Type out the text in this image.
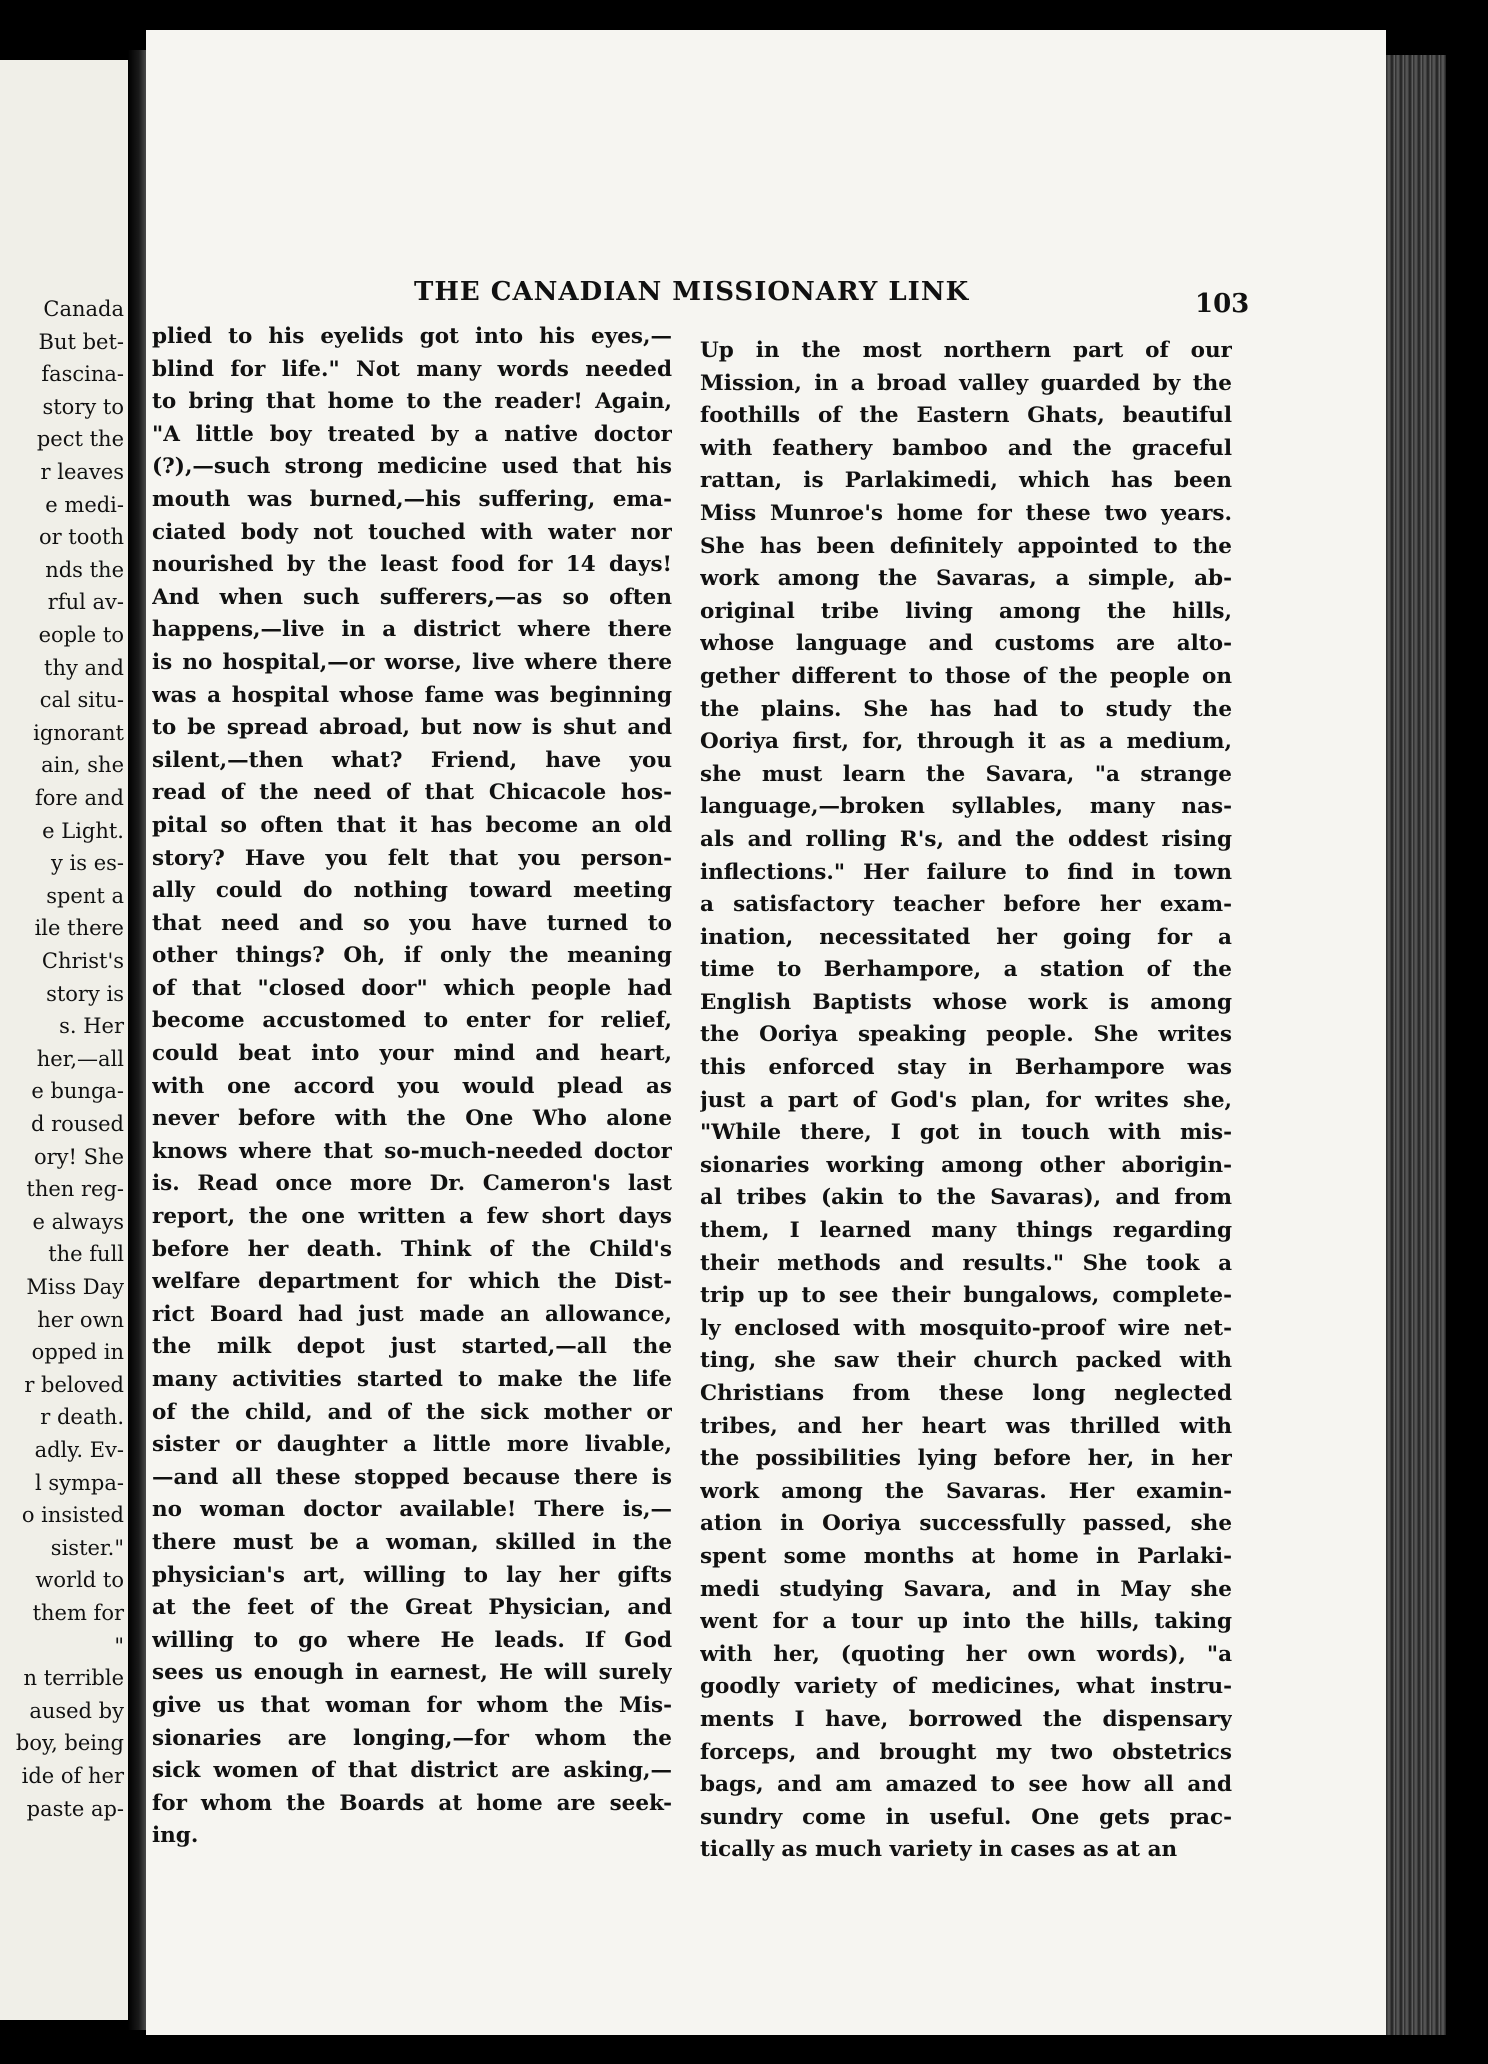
Canada
But bet-
fascina-
story to
pect the
r leaves
e medi-
or tooth
nds the
rful av-
eople to
thy and
cal situ-
ignorant
ain, she
fore and
e Light.
y is es-
spent a
ile there
Christ's
story is
s. Her
her,—all
e bunga-
d roused
ory! She
then reg-
e always
the full
Miss Day
her own
opped in
r beloved
r death.
adly. Ev-
l sympa-
o insisted
sister."
world to
them for
"
n terrible
aused by
boy, being
ide of her
paste ap-
THE CANADIAN MISSIONARY LINK	103
plied to his eyelids got into his eyes,—
blind for life." Not many words needed
to bring that home to the reader! Again,
"A little boy treated by a native doctor
(?),—such strong medicine used that his
mouth was burned,—his suffering, ema-
ciated body not touched with water nor
nourished by the least food for 14 days!
And when such sufferers,—as so often
happens,—live in a district where there
is no hospital,—or worse, live where there
was a hospital whose fame was beginning
to be spread abroad, but now is shut and
silent,—then what? Friend, have you
read of the need of that Chicacole hos-
pital so often that it has become an old
story? Have you felt that you person-
ally could do nothing toward meeting
that need and so you have turned to
other things? Oh, if only the meaning
of that "closed door" which people had
become accustomed to enter for relief,
could beat into your mind and heart,
with one accord you would plead as
never before with the One Who alone
knows where that so-much-needed doctor
is. Read once more Dr. Cameron's last
report, the one written a few short days
before her death. Think of the Child's
welfare department for which the Dist-
rict Board had just made an allowance,
the milk depot just started,—all the
many activities started to make the life
of the child, and of the sick mother or
sister or daughter a little more livable,
—and all these stopped because there is
no woman doctor available! There is,—
there must be a woman, skilled in the
physician's art, willing to lay her gifts
at the feet of the Great Physician, and
willing to go where He leads. If God
sees us enough in earnest, He will surely
give us that woman for whom the Mis-
sionaries are longing,—for whom the
sick women of that district are asking,—
for whom the Boards at home are seek-
ing.
Up in the most northern part of our
Mission, in a broad valley guarded by the
foothills of the Eastern Ghats, beautiful
with feathery bamboo and the graceful
rattan, is Parlakimedi, which has been
Miss Munroe's home for these two years.
She has been definitely appointed to the
work among the Savaras, a simple, ab-
original tribe living among the hills,
whose language and customs are alto-
gether different to those of the people on
the plains. She has had to study the
Ooriya first, for, through it as a medium,
she must learn the Savara, "a strange
language,—broken syllables, many nas-
als and rolling R's, and the oddest rising
inflections." Her failure to find in town
a satisfactory teacher before her exam-
ination, necessitated her going for a
time to Berhampore, a station of the
English Baptists whose work is among
the Ooriya speaking people. She writes
this enforced stay in Berhampore was
just a part of God's plan, for writes she,
"While there, I got in touch with mis-
sionaries working among other aborigin-
al tribes (akin to the Savaras), and from
them, I learned many things regarding
their methods and results." She took a
trip up to see their bungalows, complete-
ly enclosed with mosquito-proof wire net-
ting, she saw their church packed with
Christians from these long neglected
tribes, and her heart was thrilled with
the possibilities lying before her, in her
work among the Savaras. Her examin-
ation in Ooriya successfully passed, she
spent some months at home in Parlaki-
medi studying Savara, and in May she
went for a tour up into the hills, taking
with her, (quoting her own words), "a
goodly variety of medicines, what instru-
ments I have, borrowed the dispensary
forceps, and brought my two obstetrics
bags, and am amazed to see how all and
sundry come in useful. One gets prac-
tically as much variety in cases as at an
